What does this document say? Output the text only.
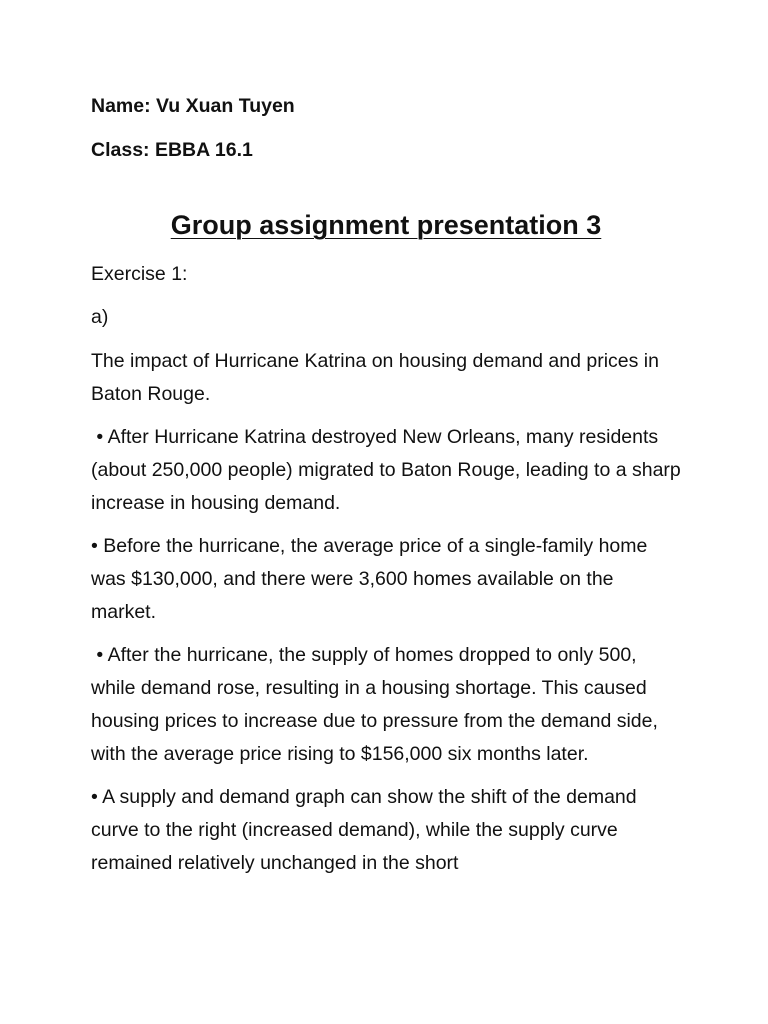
Name: Vu Xuan Tuyen

Class: EBBA 16.1

Group assignment presentation 3

Exercise 1:

a)

The impact of Hurricane Katrina on housing demand and prices in Baton Rouge.

• After Hurricane Katrina destroyed New Orleans, many residents (about 250,000 people) migrated to Baton Rouge, leading to a sharp increase in housing demand.

• Before the hurricane, the average price of a single-family home was $130,000, and there were 3,600 homes available on the market.

• After the hurricane, the supply of homes dropped to only 500, while demand rose, resulting in a housing shortage. This caused housing prices to increase due to pressure from the demand side, with the average price rising to $156,000 six months later.

• A supply and demand graph can show the shift of the demand curve to the right (increased demand), while the supply curve remained relatively unchanged in the short
